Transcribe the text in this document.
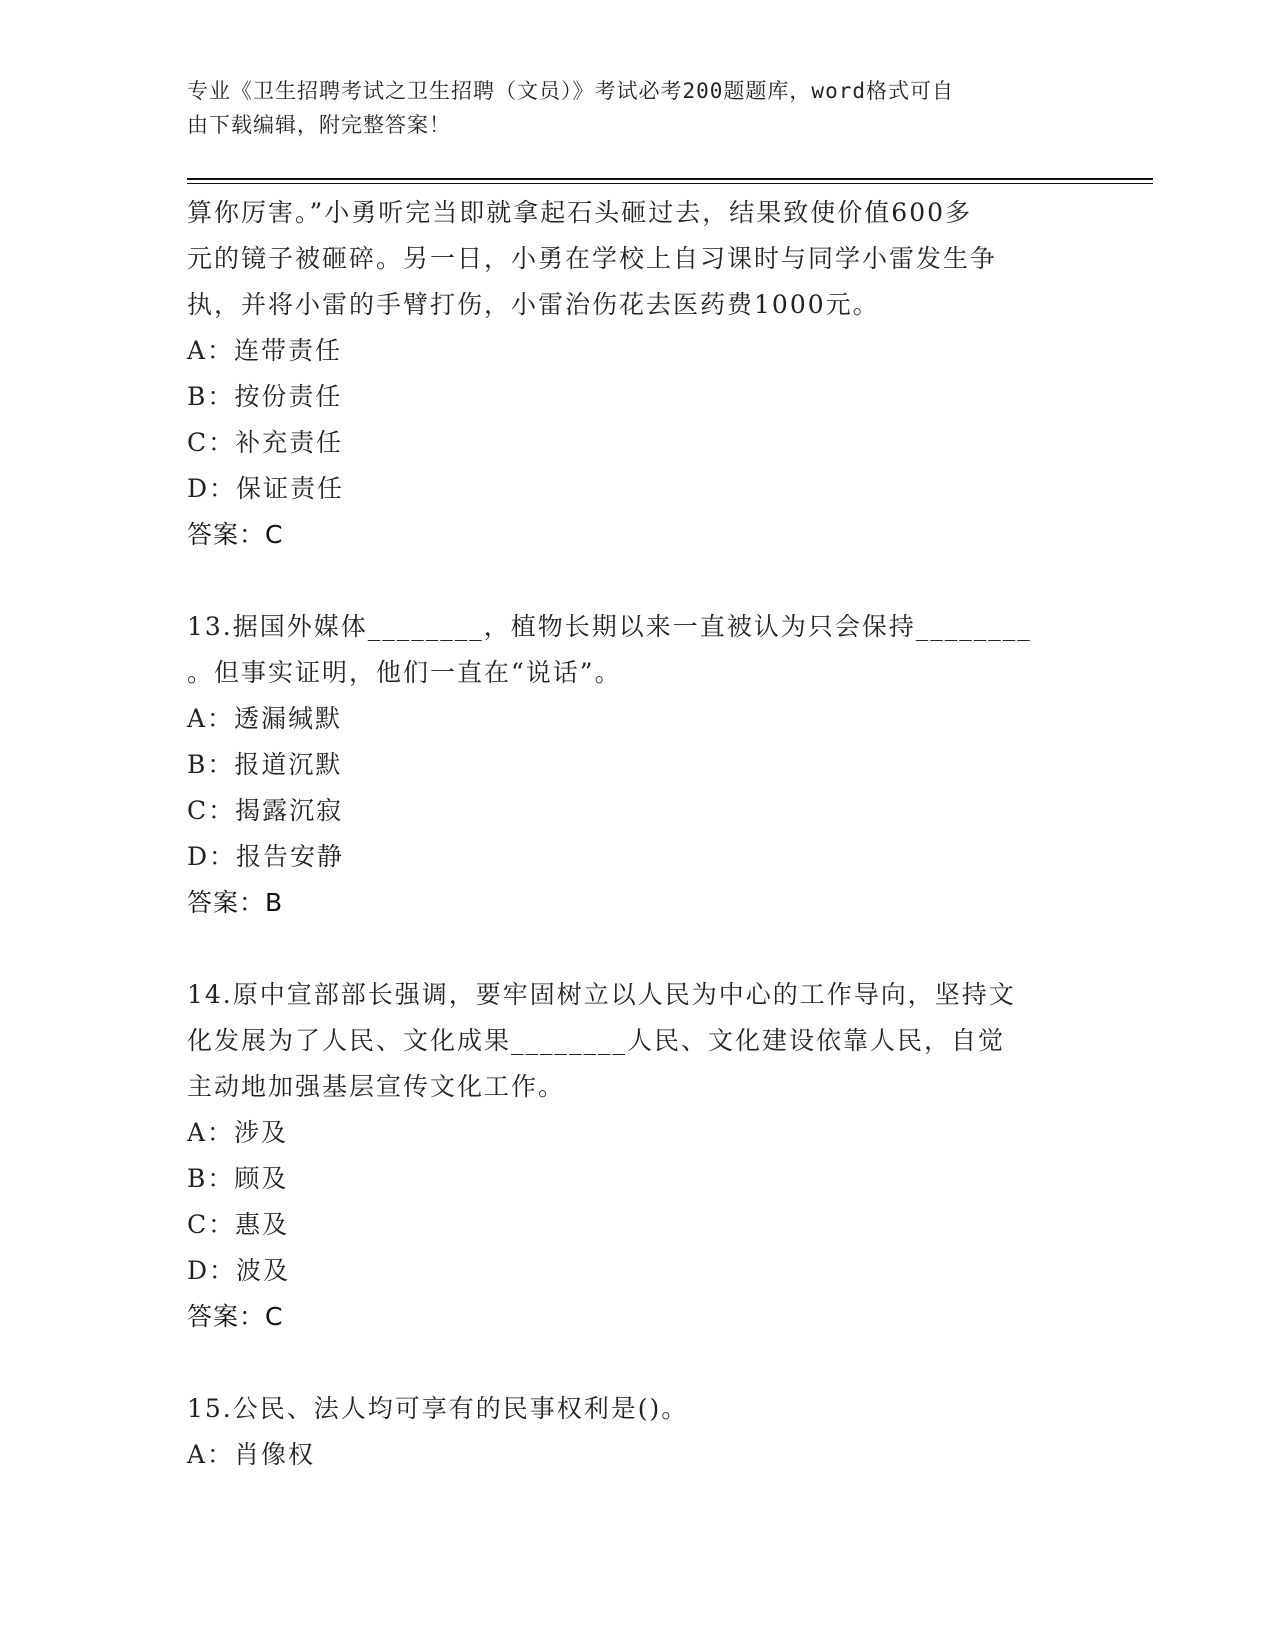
专业《卫生招聘考试之卫生招聘（文员）》考试必考200题题库，word格式可自
由下载编辑，附完整答案！

算你厉害。”小勇听完当即就拿起石头砸过去，结果致使价值600多

元的镜子被砸碎。另一日，小勇在学校上自习课时与同学小雷发生争

执，并将小雷的手臂打伤，小雷治伤花去医药费1000元。

A：连带责任

B：按份责任

C：补充责任

D：保证责任

答案：C

13.据国外媒体________，植物长期以来一直被认为只会保持________

。但事实证明，他们一直在“说话”。

A：透漏缄默

B：报道沉默

C：揭露沉寂

D：报告安静

答案：B

14.原中宣部部长强调，要牢固树立以人民为中心的工作导向，坚持文

化发展为了人民、文化成果________人民、文化建设依靠人民，自觉

主动地加强基层宣传文化工作。

A：涉及

B：顾及

C：惠及

D：波及

答案：C

15.公民、法人均可享有的民事权利是()。

A：肖像权
